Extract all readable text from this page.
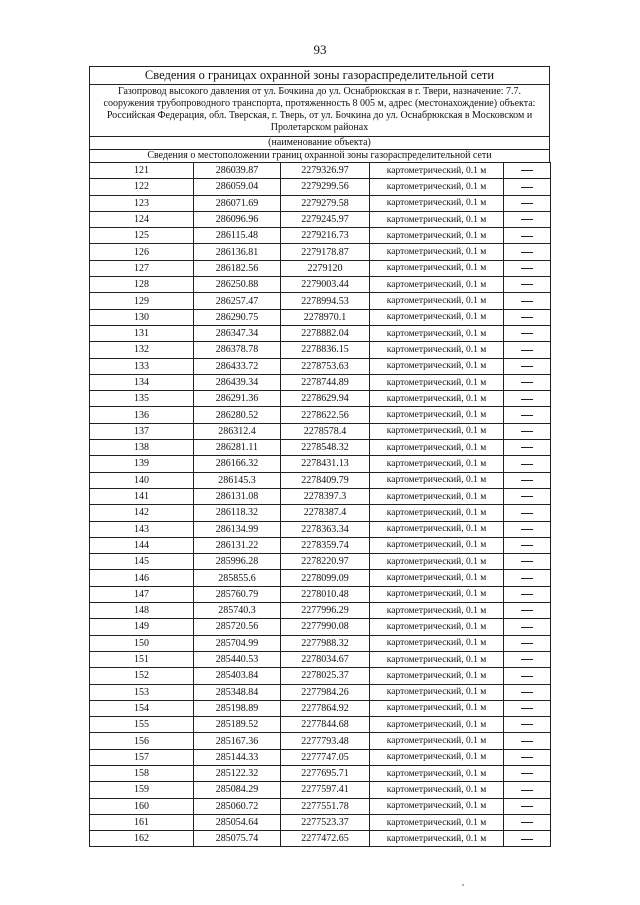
93
Сведения о границах охранной зоны газораспределительной сети
Газопровод высокого давления от ул. Бочкина до ул. Оснабрюкская в г. Твери, назначение: 7.7. сооружения трубопроводного транспорта, протяженность 8 005 м, адрес (местонахождение) объекта: Российская Федерация, обл. Тверская, г. Тверь, от ул. Бочкина до ул. Оснабрюкская в Московском и Пролетарском районах
(наименование объекта)
Сведения о местоположении границ охранной зоны газораспределительной сети
121	286039.87	2279326.97	картометрический, 0.1 м	
122	286059.04	2279299.56	картометрический, 0.1 м	
123	286071.69	2279279.58	картометрический, 0.1 м	
124	286096.96	2279245.97	картометрический, 0.1 м	
125	286115.48	2279216.73	картометрический, 0.1 м	
126	286136.81	2279178.87	картометрический, 0.1 м	
127	286182.56	2279120	картометрический, 0.1 м	
128	286250.88	2279003.44	картометрический, 0.1 м	
129	286257.47	2278994.53	картометрический, 0.1 м	
130	286290.75	2278970.1	картометрический, 0.1 м	
131	286347.34	2278882.04	картометрический, 0.1 м	
132	286378.78	2278836.15	картометрический, 0.1 м	
133	286433.72	2278753.63	картометрический, 0.1 м	
134	286439.34	2278744.89	картометрический, 0.1 м	
135	286291.36	2278629.94	картометрический, 0.1 м	
136	286280.52	2278622.56	картометрический, 0.1 м	
137	286312.4	2278578.4	картометрический, 0.1 м	
138	286281.11	2278548.32	картометрический, 0.1 м	
139	286166.32	2278431.13	картометрический, 0.1 м	
140	286145.3	2278409.79	картометрический, 0.1 м	
141	286131.08	2278397.3	картометрический, 0.1 м	
142	286118.32	2278387.4	картометрический, 0.1 м	
143	286134.99	2278363.34	картометрический, 0.1 м	
144	286131.22	2278359.74	картометрический, 0.1 м	
145	285996.28	2278220.97	картометрический, 0.1 м	
146	285855.6	2278099.09	картометрический, 0.1 м	
147	285760.79	2278010.48	картометрический, 0.1 м	
148	285740.3	2277996.29	картометрический, 0.1 м	
149	285720.56	2277990.08	картометрический, 0.1 м	
150	285704.99	2277988.32	картометрический, 0.1 м	
151	285440.53	2278034.67	картометрический, 0.1 м	
152	285403.84	2278025.37	картометрический, 0.1 м	
153	285348.84	2277984.26	картометрический, 0.1 м	
154	285198.89	2277864.92	картометрический, 0.1 м	
155	285189.52	2277844.68	картометрический, 0.1 м	
156	285167.36	2277793.48	картометрический, 0.1 м	
157	285144.33	2277747.05	картометрический, 0.1 м	
158	285122.32	2277695.71	картометрический, 0.1 м	
159	285084.29	2277597.41	картометрический, 0.1 м	
160	285060.72	2277551.78	картометрический, 0.1 м	
161	285054.64	2277523.37	картометрический, 0.1 м	
162	285075.74	2277472.65	картометрический, 0.1 м	
